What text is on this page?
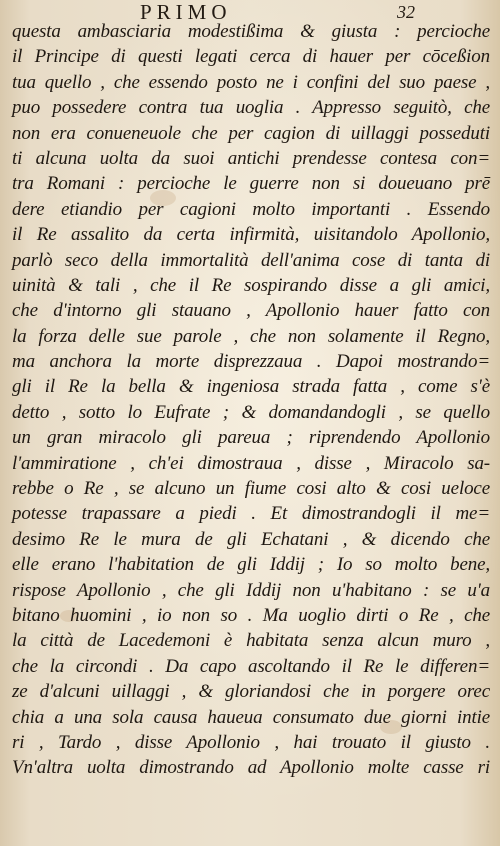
PRIMO	32
questa ambasciaria modestißima & giusta : percioche
il Principe di questi legati cerca di hauer per cōceßion
tua quello , che essendo posto ne i confini del suo paese ,
puo possedere contra tua uoglia . Appresso seguitò, che
non era conueneuole che per cagion di uillaggi posseduti
ti alcuna uolta da suoi antichi prendesse contesa con=
tra Romani : percioche le guerre non si doueuano prē
dere etiandio per cagioni molto importanti . Essendo
il Re assalito da certa infirmità, uisitandolo Apollonio,
parlò seco della immortalità dell'anima cose di tanta di
uinità & tali , che il Re sospirando disse a gli amici,
che d'intorno gli stauano , Apollonio hauer fatto con
la forza delle sue parole , che non solamente il Regno,
ma anchora la morte disprezzaua . Dapoi mostrando=
gli il Re la bella & ingeniosa strada fatta , come s'è
detto , sotto lo Eufrate ; & domandandogli , se quello
un gran miracolo gli pareua ; riprendendo Apollonio
l'ammiratione , ch'ei dimostraua , disse , Miracolo sa-
rebbe o Re , se alcuno un fiume cosi alto & cosi ueloce
potesse trapassare a piedi . Et dimostrandogli il me=
desimo Re le mura de gli Echatani , & dicendo che
elle erano l'habitation de gli Iddij ; Io so molto bene,
rispose Apollonio , che gli Iddij non u'habitano : se u'a
bitano huomini , io non so . Ma uoglio dirti o Re , che
la città de Lacedemoni è habitata senza alcun muro ,
che la circondi . Da capo ascoltando il Re le differen=
ze d'alcuni uillaggi , & gloriandosi che in porgere orec
chia a una sola causa haueua consumato due giorni intie
ri , Tardo , disse Apollonio , hai trouato il giusto .
Vn'altra uolta dimostrando ad Apollonio molte casse ri
